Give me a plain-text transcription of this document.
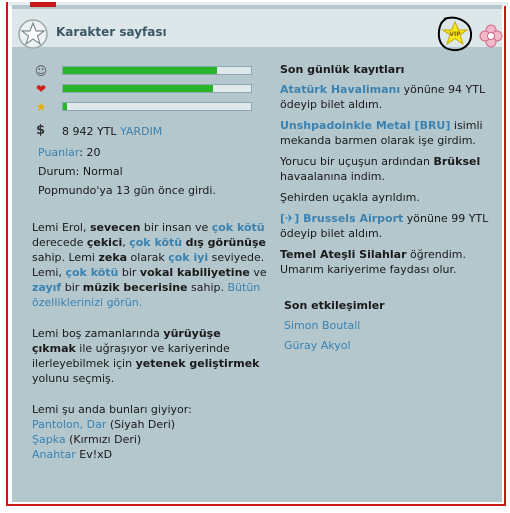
Karakter sayfası	VIP
☺
❤
★
$ 8 942 YTL YARDIM
Puanlar: 20
Durum: Normal
Popmundo'ya 13 gün önce girdi.

Lemi Erol, sevecen bir insan ve çok kötü derecede çekici, çok kötü dış görünüşe sahip. Lemi zeka olarak çok iyi seviyede. Lemi, çok kötü bir vokal kabiliyetine ve zayıf bir müzik becerisine sahip. Bütün özelliklerinizi görün.

Lemi boş zamanlarında yürüyüşe çıkmak ile uğraşıyor ve kariyerinde ilerleyebilmek için yetenek geliştirmek yolunu seçmiş.

Lemi şu anda bunları giyiyor:

Pantolon, Dar (Siyah Deri)
Şapka (Kırmızı Deri)
Anahtar Ev!xD
Son günlük kayıtları
Atatürk Havalimanı yönüne 94 YTL ödeyip bilet aldım.
Unshpadoinkle Metal [BRU] isimli mekanda barmen olarak işe girdim.
Yorucu bir uçuşun ardından Brüksel havaalanına indim.
Şehirden uçakla ayrıldım.
[✈] Brussels Airport yönüne 99 YTL ödeyip bilet aldım.
Temel Ateşli Silahlar öğrendim. Umarım kariyerime faydası olur.
Son etkileşimler
Simon Boutall
Güray Akyol
